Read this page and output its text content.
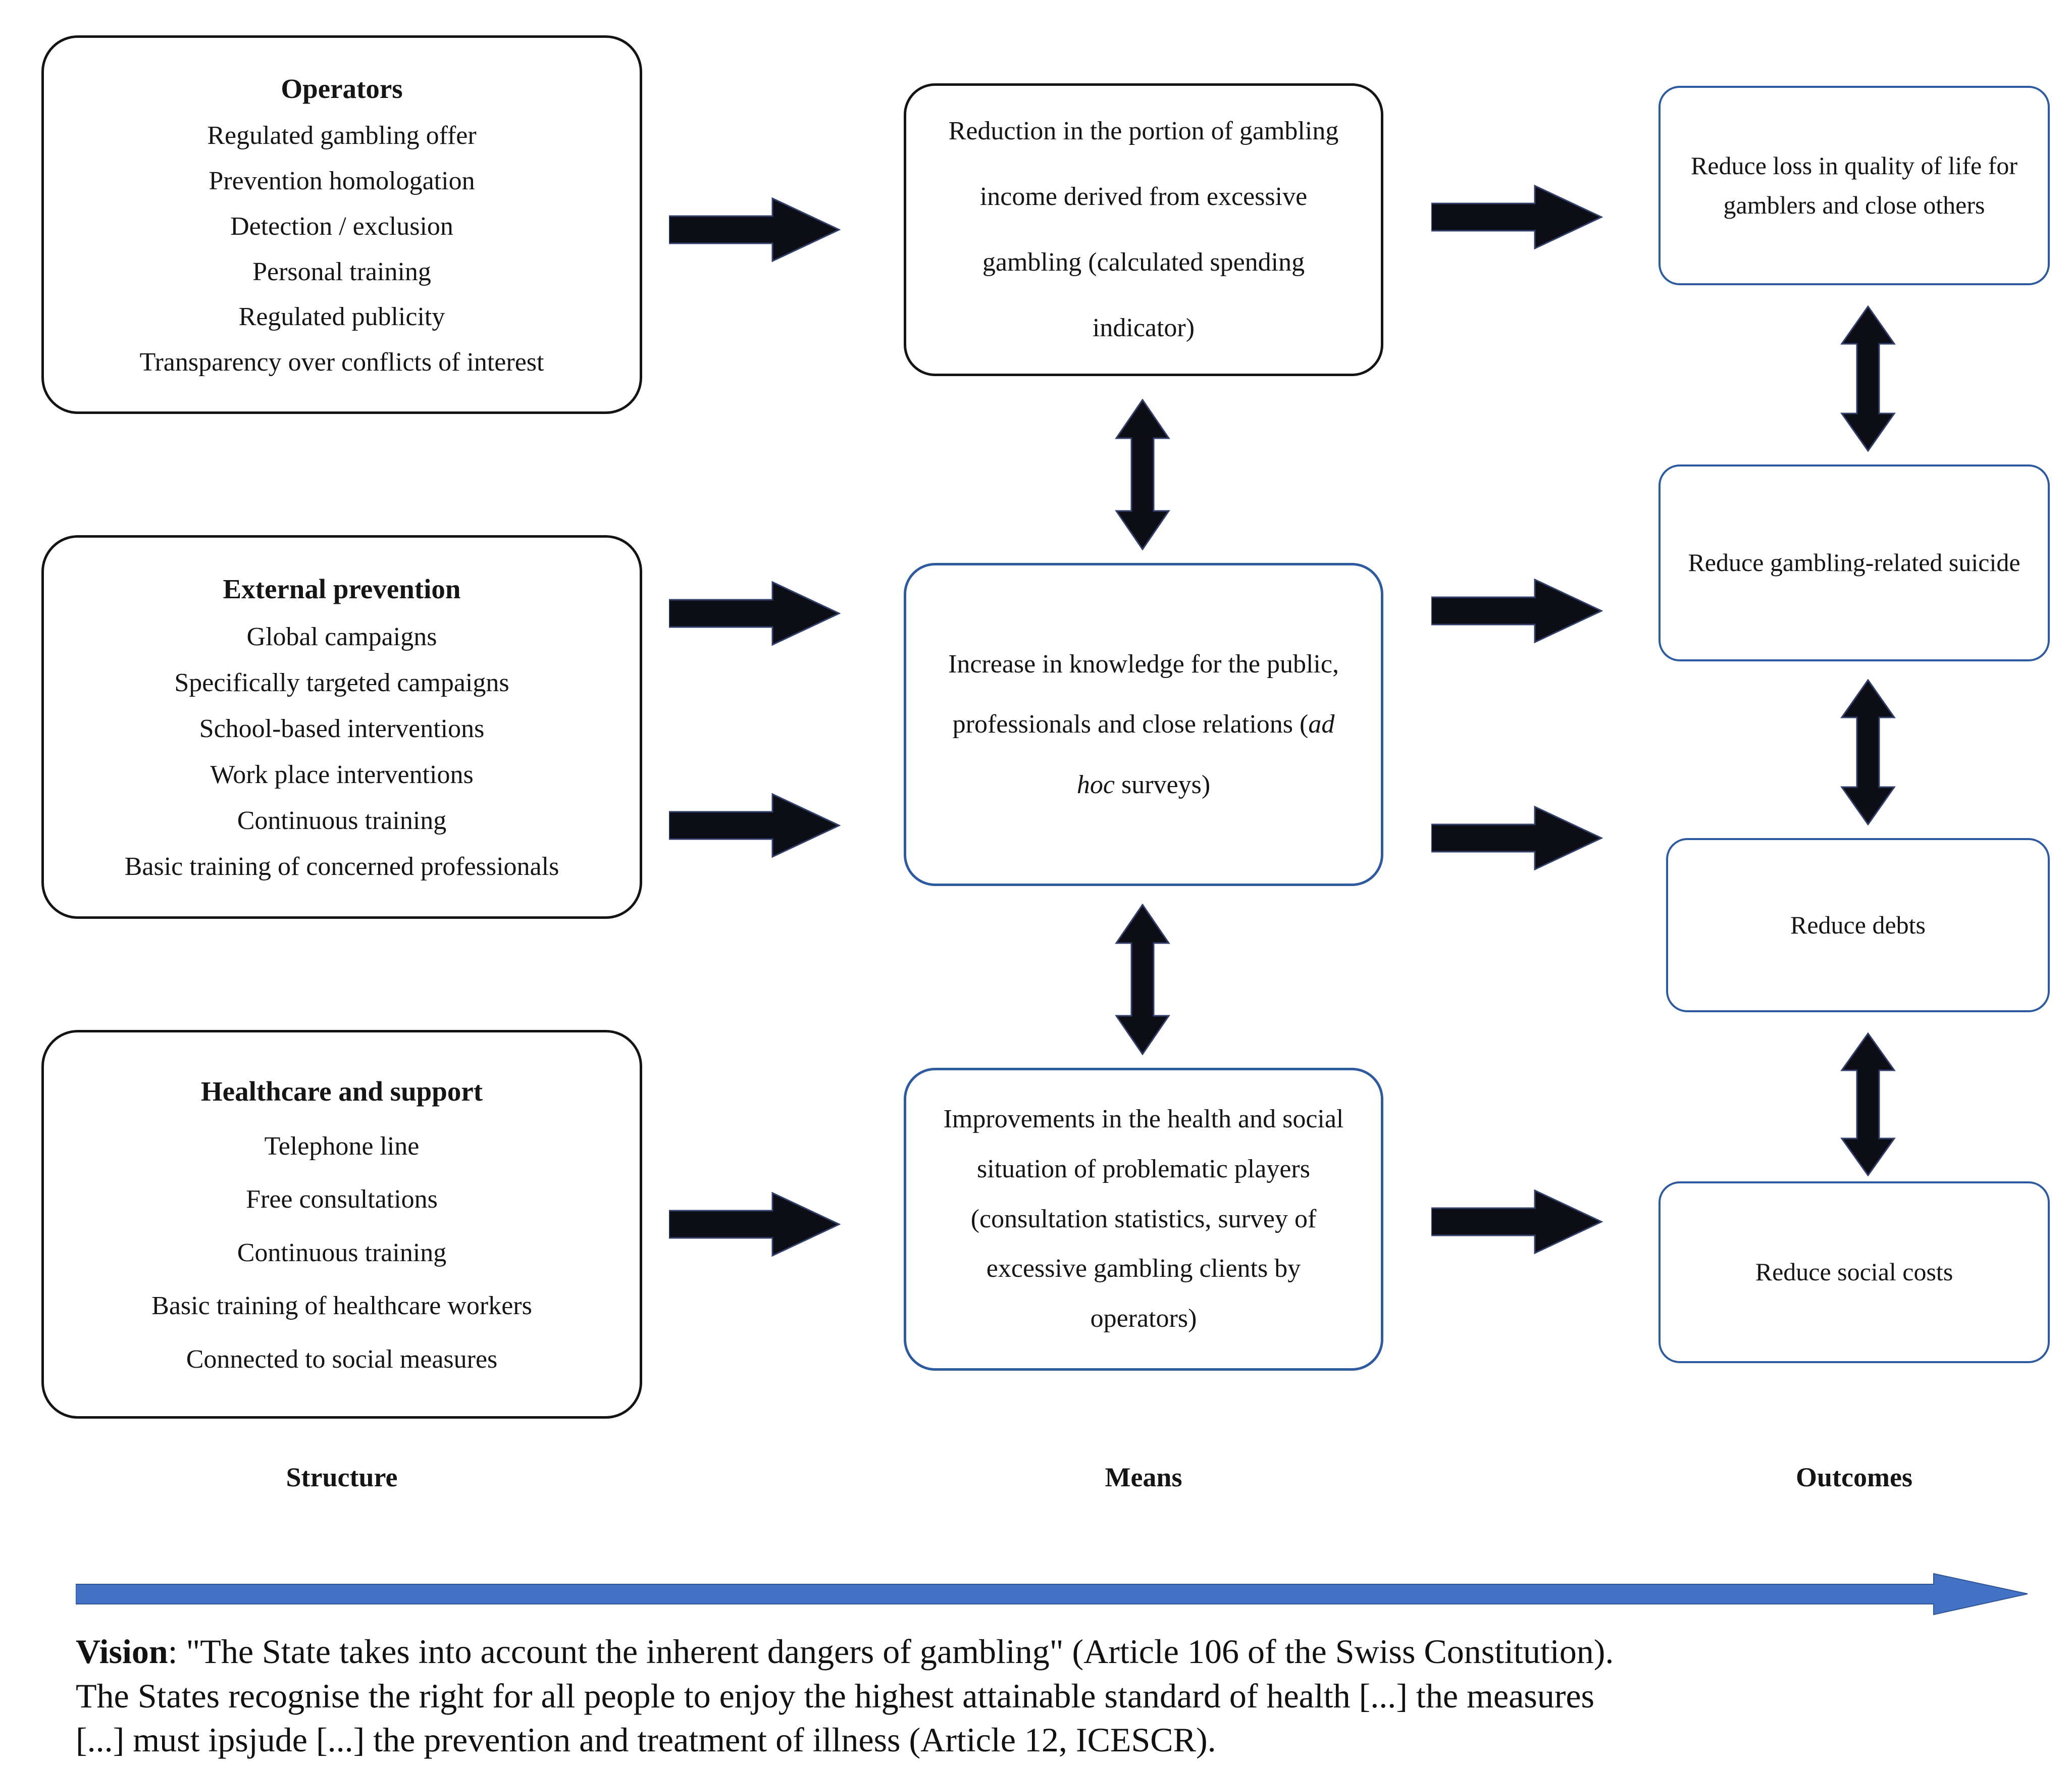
Operators
Regulated gambling offer
Prevention homologation
Detection / exclusion
Personal training
Regulated publicity
Transparency over conflicts of interest
External prevention
Global campaigns
Specifically targeted campaigns
School-based interventions
Work place interventions
Continuous training
Basic training of concerned professionals
Healthcare and support
Telephone line
Free consultations
Continuous training
Basic training of healthcare workers
Connected to social measures
Reduction in the portion of gambling income derived from excessive gambling (calculated spending indicator)
Increase in knowledge for the public, professionals and close relations (ad hoc surveys)
Improvements in the health and social situation of problematic players (consultation statistics, survey of excessive gambling clients by operators)
Reduce loss in quality of life for gamblers and close others
Reduce gambling-related suicide
Reduce debts
Reduce social costs
Structure	Means	Outcomes
Vision: "The State takes into account the inherent dangers of gambling" (Article 106 of the Swiss Constitution).
The States recognise the right for all people to enjoy the highest attainable standard of health [...] the measures
[...] must ipsjude [...] the prevention and treatment of illness (Article 12, ICESCR).
